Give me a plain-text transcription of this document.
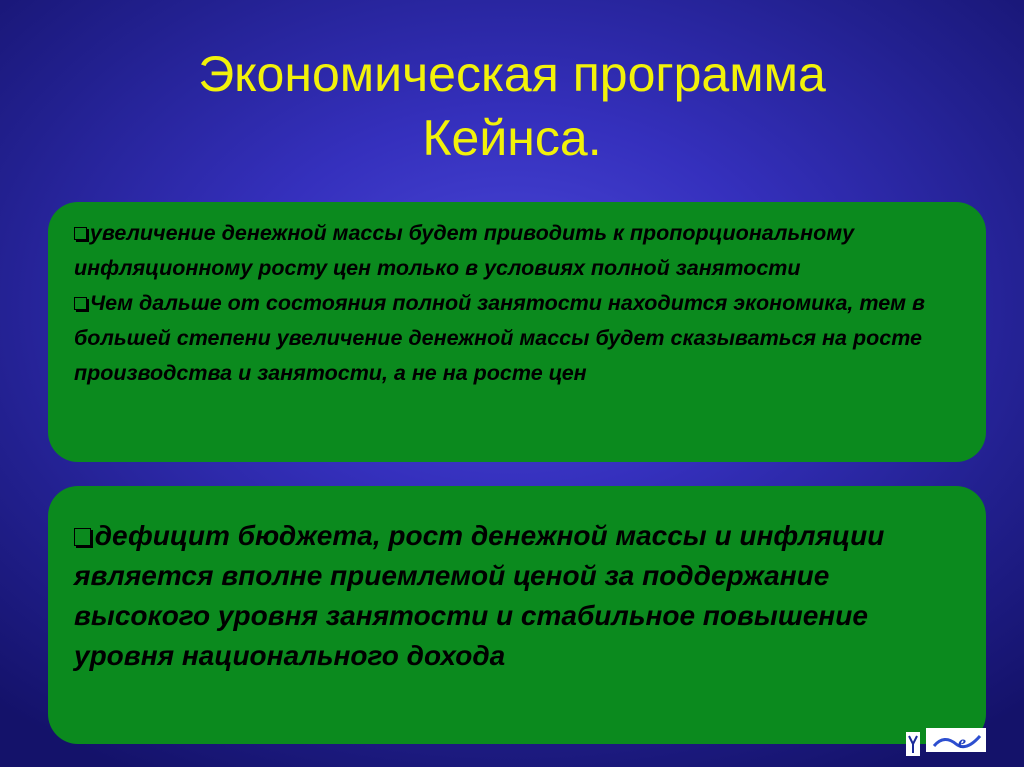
Экономическая программа
Кейнса.
увеличение денежной массы будет приводить к пропорциональному инфляционному росту цен только в условиях полной занятости
Чем дальше от состояния полной занятости находится экономика, тем в большей степени увеличение денежной массы будет сказываться на росте производства и занятости, а не на росте цен
дефицит бюджета, рост денежной массы и инфляции является вполне приемлемой ценой за поддержание высокого уровня занятости и стабильное повышение уровня национального дохода
e
